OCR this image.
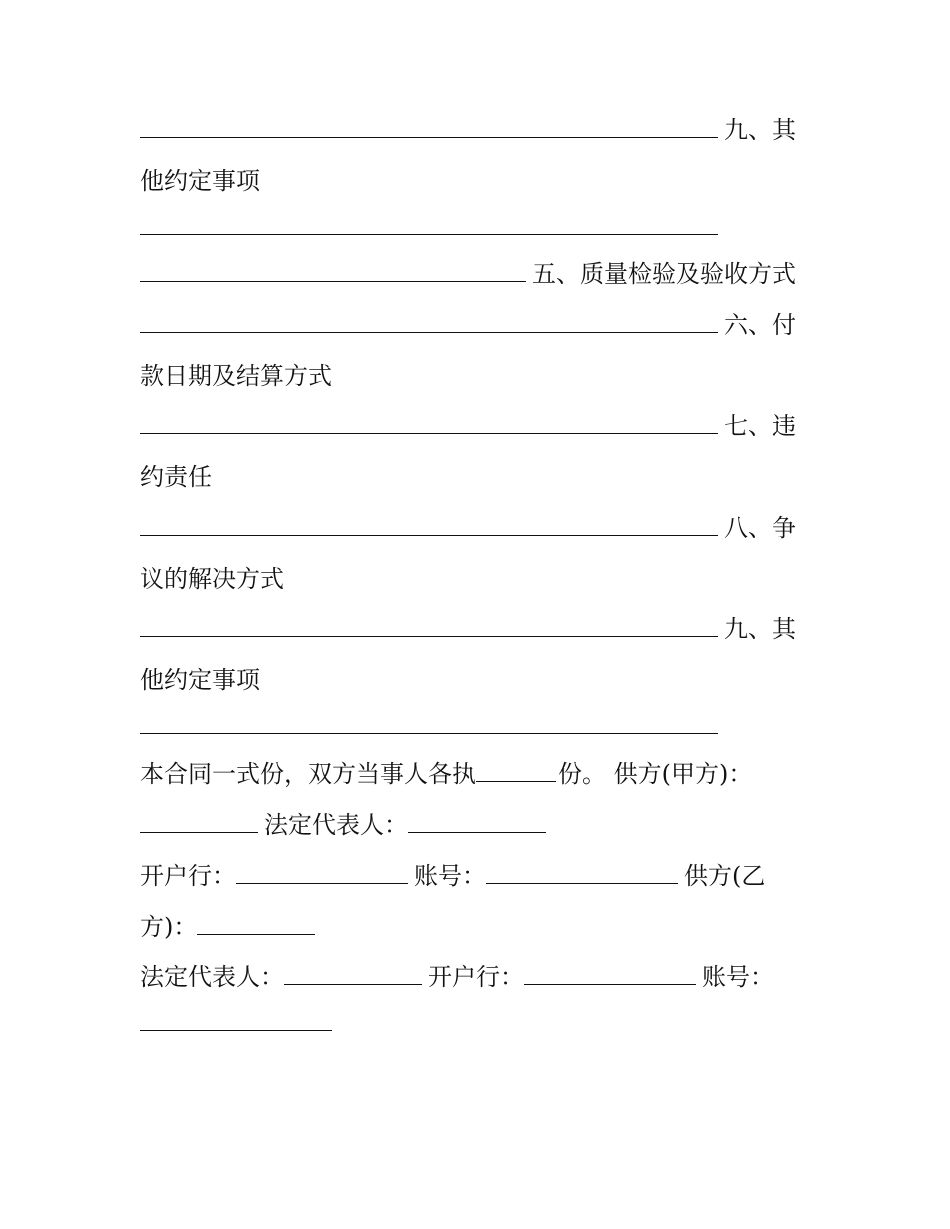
九、其
他约定事项
五、质量检验及验收方式
六、付
款日期及结算方式
七、违
约责任
八、争
议的解决方式
九、其
他约定事项
本合同一式份，双方当事人各执	份。 供方(甲方)：
法定代表人：
开户行：	账号：	供方(乙
方)：
法定代表人：	开户行：	账号：
